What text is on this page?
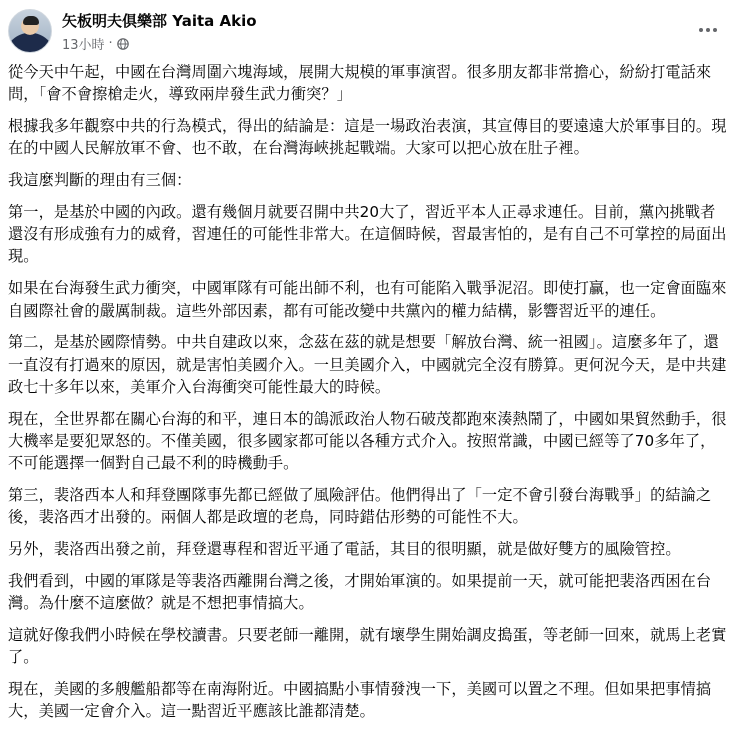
矢板明夫俱樂部 Yaita Akio
13小時 ·

從今天中午起，中國在台灣周圍六塊海域，展開大規模的軍事演習。很多朋友都非常擔心，紛紛打電話來問，「會不會擦槍走火，導致兩岸發生武力衝突？」

根據我多年觀察中共的行為模式，得出的結論是：這是一場政治表演，其宣傳目的要遠遠大於軍事目的。現在的中國人民解放軍不會、也不敢，在台灣海峽挑起戰端。大家可以把心放在肚子裡。

我這麼判斷的理由有三個：

第一，是基於中國的內政。還有幾個月就要召開中共20大了，習近平本人正尋求連任。目前，黨內挑戰者還沒有形成強有力的威脅，習連任的可能性非常大。在這個時候，習最害怕的，是有自己不可掌控的局面出現。

如果在台海發生武力衝突，中國軍隊有可能出師不利，也有可能陷入戰爭泥沼。即使打贏，也一定會面臨來自國際社會的嚴厲制裁。這些外部因素，都有可能改變中共黨內的權力結構，影響習近平的連任。

第二，是基於國際情勢。中共自建政以來，念茲在茲的就是想要「解放台灣、統一祖國」。這麼多年了，還一直沒有打過來的原因，就是害怕美國介入。一旦美國介入，中國就完全沒有勝算。更何況今天，是中共建政七十多年以來，美軍介入台海衝突可能性最大的時候。

現在，全世界都在關心台海的和平，連日本的鴿派政治人物石破茂都跑來湊熱鬧了，中國如果貿然動手，很大機率是要犯眾怒的。不僅美國，很多國家都可能以各種方式介入。按照常識，中國已經等了70多年了，不可能選擇一個對自己最不利的時機動手。

第三，裴洛西本人和拜登團隊事先都已經做了風險評估。他們得出了「一定不會引發台海戰爭」的結論之後，裴洛西才出發的。兩個人都是政壇的老鳥，同時錯估形勢的可能性不大。

另外，裴洛西出發之前，拜登還專程和習近平通了電話，其目的很明顯，就是做好雙方的風險管控。

我們看到，中國的軍隊是等裴洛西離開台灣之後，才開始軍演的。如果提前一天，就可能把裴洛西困在台灣。為什麼不這麼做？就是不想把事情搞大。

這就好像我們小時候在學校讀書。只要老師一離開，就有壞學生開始調皮搗蛋，等老師一回來，就馬上老實了。

現在，美國的多艘艦船都等在南海附近。中國搞點小事情發洩一下，美國可以置之不理。但如果把事情搞大，美國一定會介入。這一點習近平應該比誰都清楚。
